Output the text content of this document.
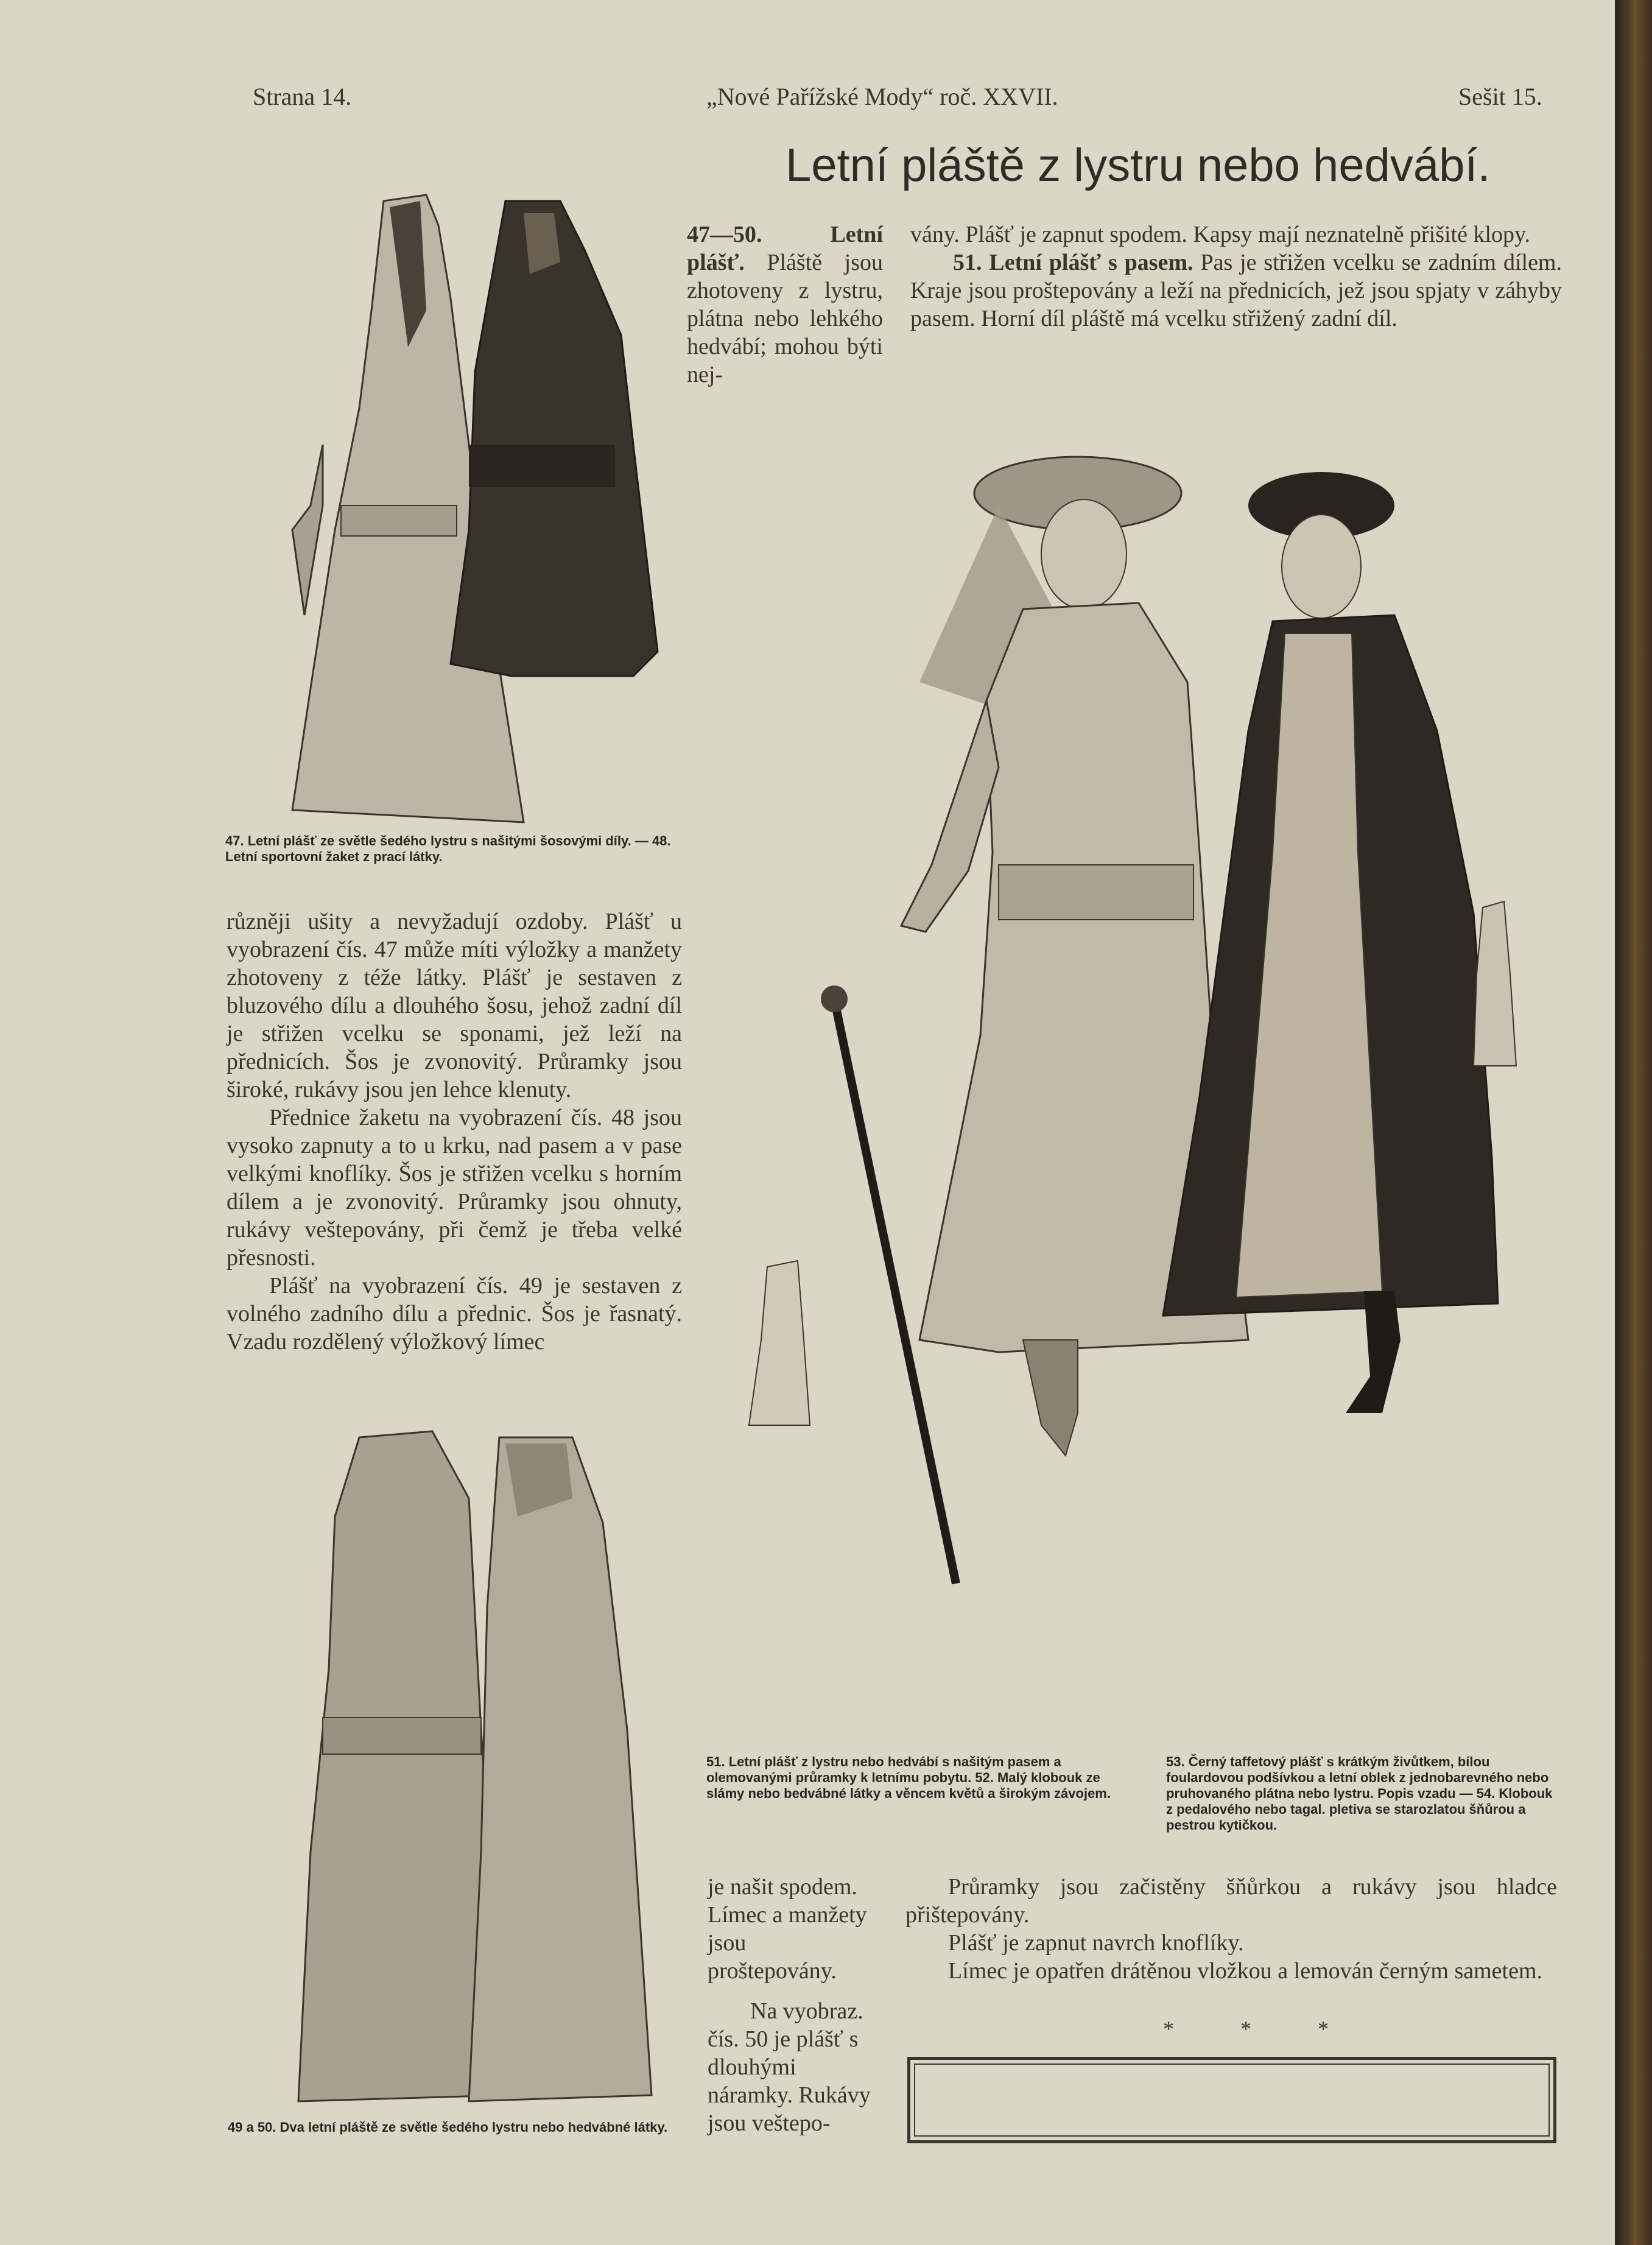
Strana 14.	„Nové Pařížské Mody“ roč. XXVII.	Sešit 15.
Letní pláště z lystru nebo hedvábí.
47. Letní plášť ze světle šedého lystru s našitými šosovými díly. — 48. Letní sportovní žaket z prací látky.

47—50. Letní plášť. Pláště jsou zhotoveny z lystru, plátna nebo lehkého hedvábí; mohou býti nej-

vány. Plášť je zapnut spodem. Kapsy mají neznatelně přišité klopy.

51. Letní plášť s pasem. Pas je střižen vcelku se zadním dílem. Kraje jsou proštepovány a leží na přednicích, jež jsou spjaty v záhyby pasem. Horní díl pláště má vcelku střižený zadní díl.

různěji ušity a nevyžadují ozdoby. Plášť u vyobrazení čís. 47 může míti výložky a manžety zhotoveny z téže látky. Plášť je sestaven z bluzového dílu a dlouhého šosu, jehož zadní díl je střižen vcelku se sponami, jež leží na přednicích. Šos je zvonovitý. Průramky jsou široké, rukávy jsou jen lehce klenuty.

Přednice žaketu na vyobrazení čís. 48 jsou vysoko zapnuty a to u krku, nad pasem a v pase velkými knoflíky. Šos je střižen vcelku s horním dílem a je zvonovitý. Průramky jsou ohnuty, rukávy veštepovány, při čemž je třeba velké přesnosti.

Plášť na vyobrazení čís. 49 je sestaven z volného zadního dílu a přednic. Šos je řasnatý. Vzadu rozdělený výložkový límec

51. Letní plášť z lystru nebo hedvábí s našitým pasem a olemovanými průramky k letnímu pobytu. 52. Malý klobouk ze slámy nebo bedvábné látky a věncem květů a širokým závojem.
53. Černý taffetový plášť s krátkým živůtkem, bílou foulardovou podšívkou a letní oblek z jednobarevného nebo pruhovaného plátna nebo lystru. Popis vzadu — 54. Klobouk z pedalového nebo tagal. pletiva se starozlatou šňůrou a pestrou kytičkou.
49 a 50. Dva letní pláště ze světle šedého lystru nebo hedvábné látky.

je našit spodem. Límec a manžety jsou proštepovány.

Na vyobraz. čís. 50 je plášť s dlouhými náramky. Rukávy jsou veštepo-

Průramky jsou začistěny šňůrkou a rukávy jsou hladce přištepovány.

Plášť je zapnut navrch knoflíky.

Límec je opatřen drátěnou vložkou a lemován černým sametem.

* * *
